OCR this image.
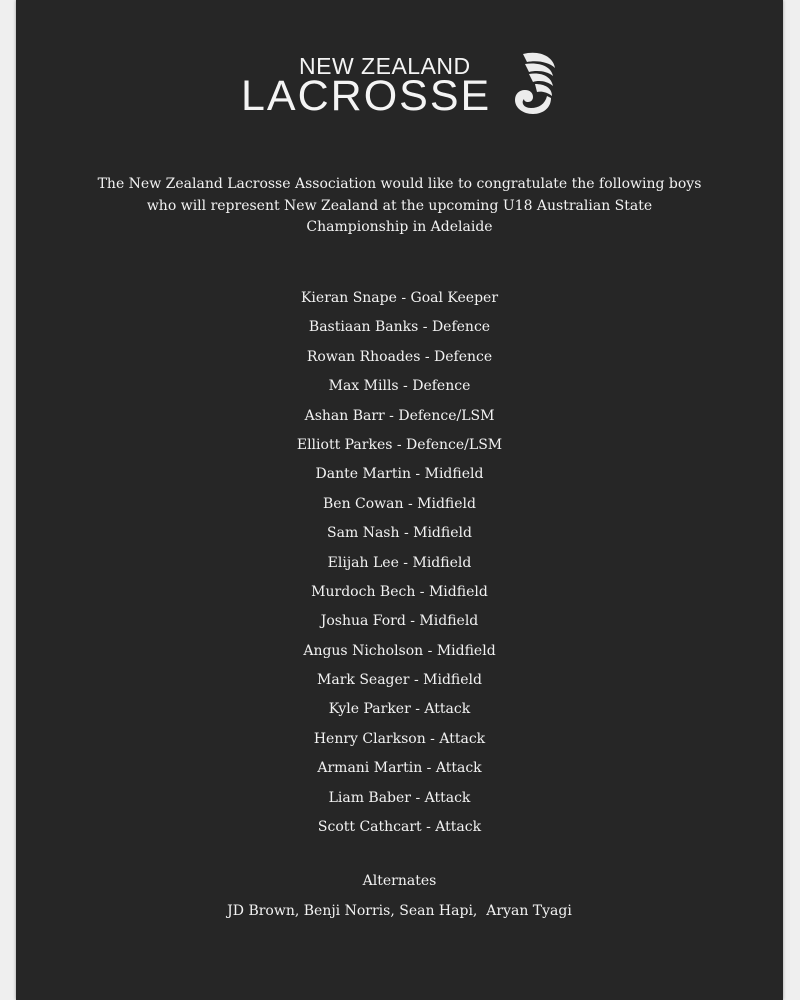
NEW ZEALAND
LACROSSE
The New Zealand Lacrosse Association would like to congratulate the following boys who will represent New Zealand at the upcoming U18 Australian State Championship in Adelaide
Kieran Snape - Goal Keeper
Bastiaan Banks - Defence
Rowan Rhoades - Defence
Max Mills - Defence
Ashan Barr - Defence/LSM
Elliott Parkes - Defence/LSM
Dante Martin - Midfield
Ben Cowan - Midfield
Sam Nash - Midfield
Elijah Lee - Midfield
Murdoch Bech - Midfield
Joshua Ford - Midfield
Angus Nicholson - Midfield
Mark Seager - Midfield
Kyle Parker - Attack
Henry Clarkson - Attack
Armani Martin - Attack
Liam Baber - Attack
Scott Cathcart - Attack
Alternates
JD Brown, Benji Norris, Sean Hapi,  Aryan Tyagi
